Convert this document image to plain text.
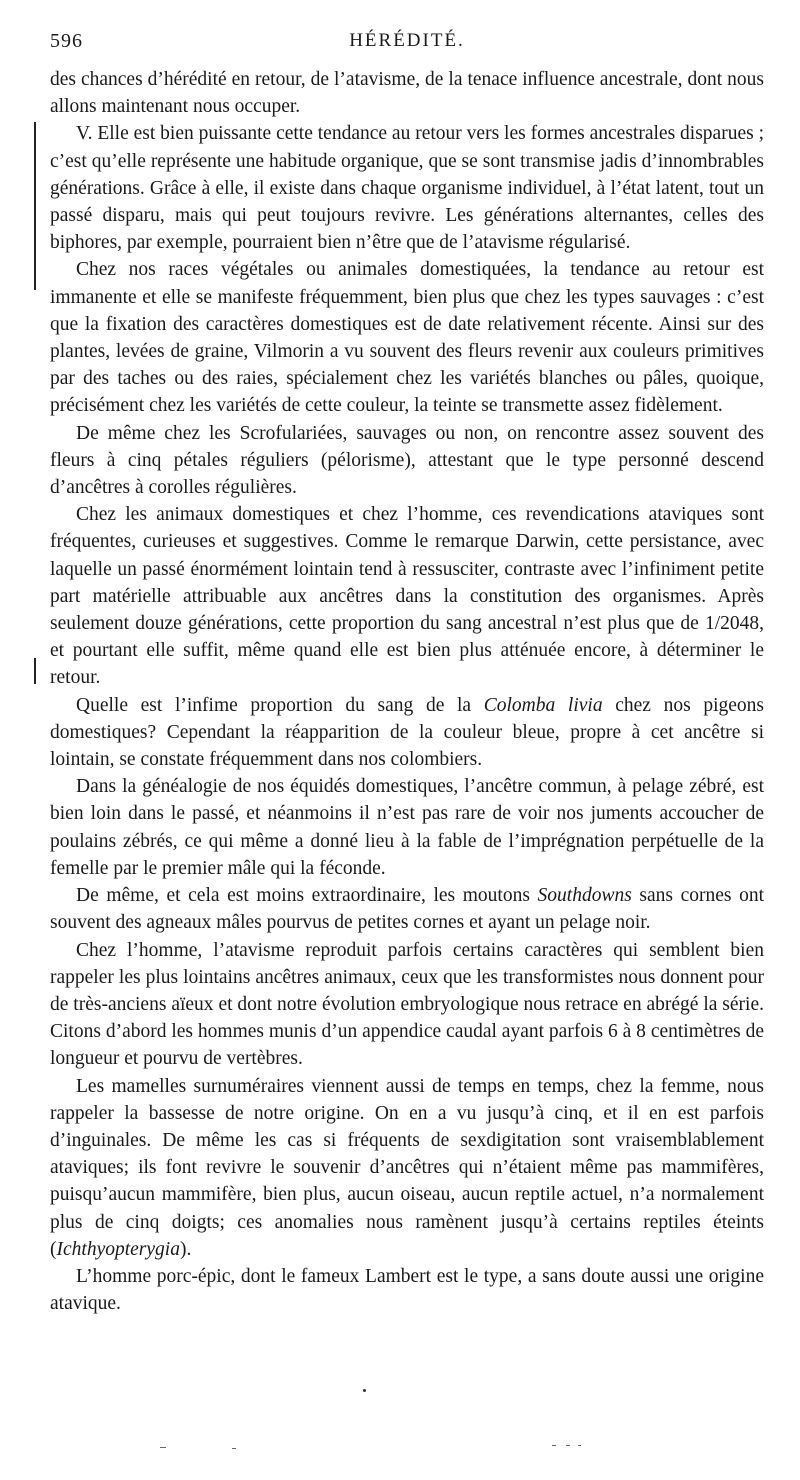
596	HÉRÉDITÉ.

des chances d’hérédité en retour, de l’atavisme, de la tenace influence ancestrale, dont nous allons maintenant nous occuper.

V. Elle est bien puissante cette tendance au retour vers les formes ancestrales disparues ; c’est qu’elle représente une habitude organique, que se sont transmise jadis d’innombrables générations. Grâce à elle, il existe dans chaque organisme individuel, à l’état latent, tout un passé disparu, mais qui peut toujours revivre. Les générations alternantes, celles des biphores, par exemple, pourraient bien n’être que de l’atavisme régularisé.

Chez nos races végétales ou animales domestiquées, la tendance au retour est immanente et elle se manifeste fréquemment, bien plus que chez les types sauvages : c’est que la fixation des caractères domestiques est de date relativement récente. Ainsi sur des plantes, levées de graine, Vilmorin a vu souvent des fleurs revenir aux couleurs primitives par des taches ou des raies, spécialement chez les variétés blanches ou pâles, quoique, précisément chez les variétés de cette couleur, la teinte se transmette assez fidèlement.

De même chez les Scrofulariées, sauvages ou non, on rencontre assez souvent des fleurs à cinq pétales réguliers (pélorisme), attestant que le type personné descend d’ancêtres à corolles régulières.

Chez les animaux domestiques et chez l’homme, ces revendications ataviques sont fréquentes, curieuses et suggestives. Comme le remarque Darwin, cette persistance, avec laquelle un passé énormément lointain tend à ressusciter, contraste avec l’infiniment petite part matérielle attribuable aux ancêtres dans la constitution des organismes. Après seulement douze générations, cette proportion du sang ancestral n’est plus que de 1/2048, et pourtant elle suffit, même quand elle est bien plus atténuée encore, à déterminer le retour.

Quelle est l’infime proportion du sang de la Colomba livia chez nos pigeons domestiques? Cependant la réapparition de la couleur bleue, propre à cet ancêtre si lointain, se constate fréquemment dans nos colombiers.

Dans la généalogie de nos équidés domestiques, l’ancêtre commun, à pelage zébré, est bien loin dans le passé, et néanmoins il n’est pas rare de voir nos juments accoucher de poulains zébrés, ce qui même a donné lieu à la fable de l’imprégnation perpétuelle de la femelle par le premier mâle qui la féconde.

De même, et cela est moins extraordinaire, les moutons Southdowns sans cornes ont souvent des agneaux mâles pourvus de petites cornes et ayant un pelage noir.

Chez l’homme, l’atavisme reproduit parfois certains caractères qui semblent bien rappeler les plus lointains ancêtres animaux, ceux que les transformistes nous donnent pour de très-anciens aïeux et dont notre évolution embryologique nous retrace en abrégé la série. Citons d’abord les hommes munis d’un appendice caudal ayant parfois 6 à 8 centimètres de longueur et pourvu de vertèbres.

Les mamelles surnuméraires viennent aussi de temps en temps, chez la femme, nous rappeler la bassesse de notre origine. On en a vu jusqu’à cinq, et il en est parfois d’inguinales. De même les cas si fréquents de sexdigitation sont vraisemblablement ataviques; ils font revivre le souvenir d’ancêtres qui n’étaient même pas mammifères, puisqu’aucun mammifère, bien plus, aucun oiseau, aucun reptile actuel, n’a normalement plus de cinq doigts; ces anomalies nous ramènent jusqu’à certains reptiles éteints (Ichthyopterygia).

L’homme porc-épic, dont le fameux Lambert est le type, a sans doute aussi une origine atavique.
